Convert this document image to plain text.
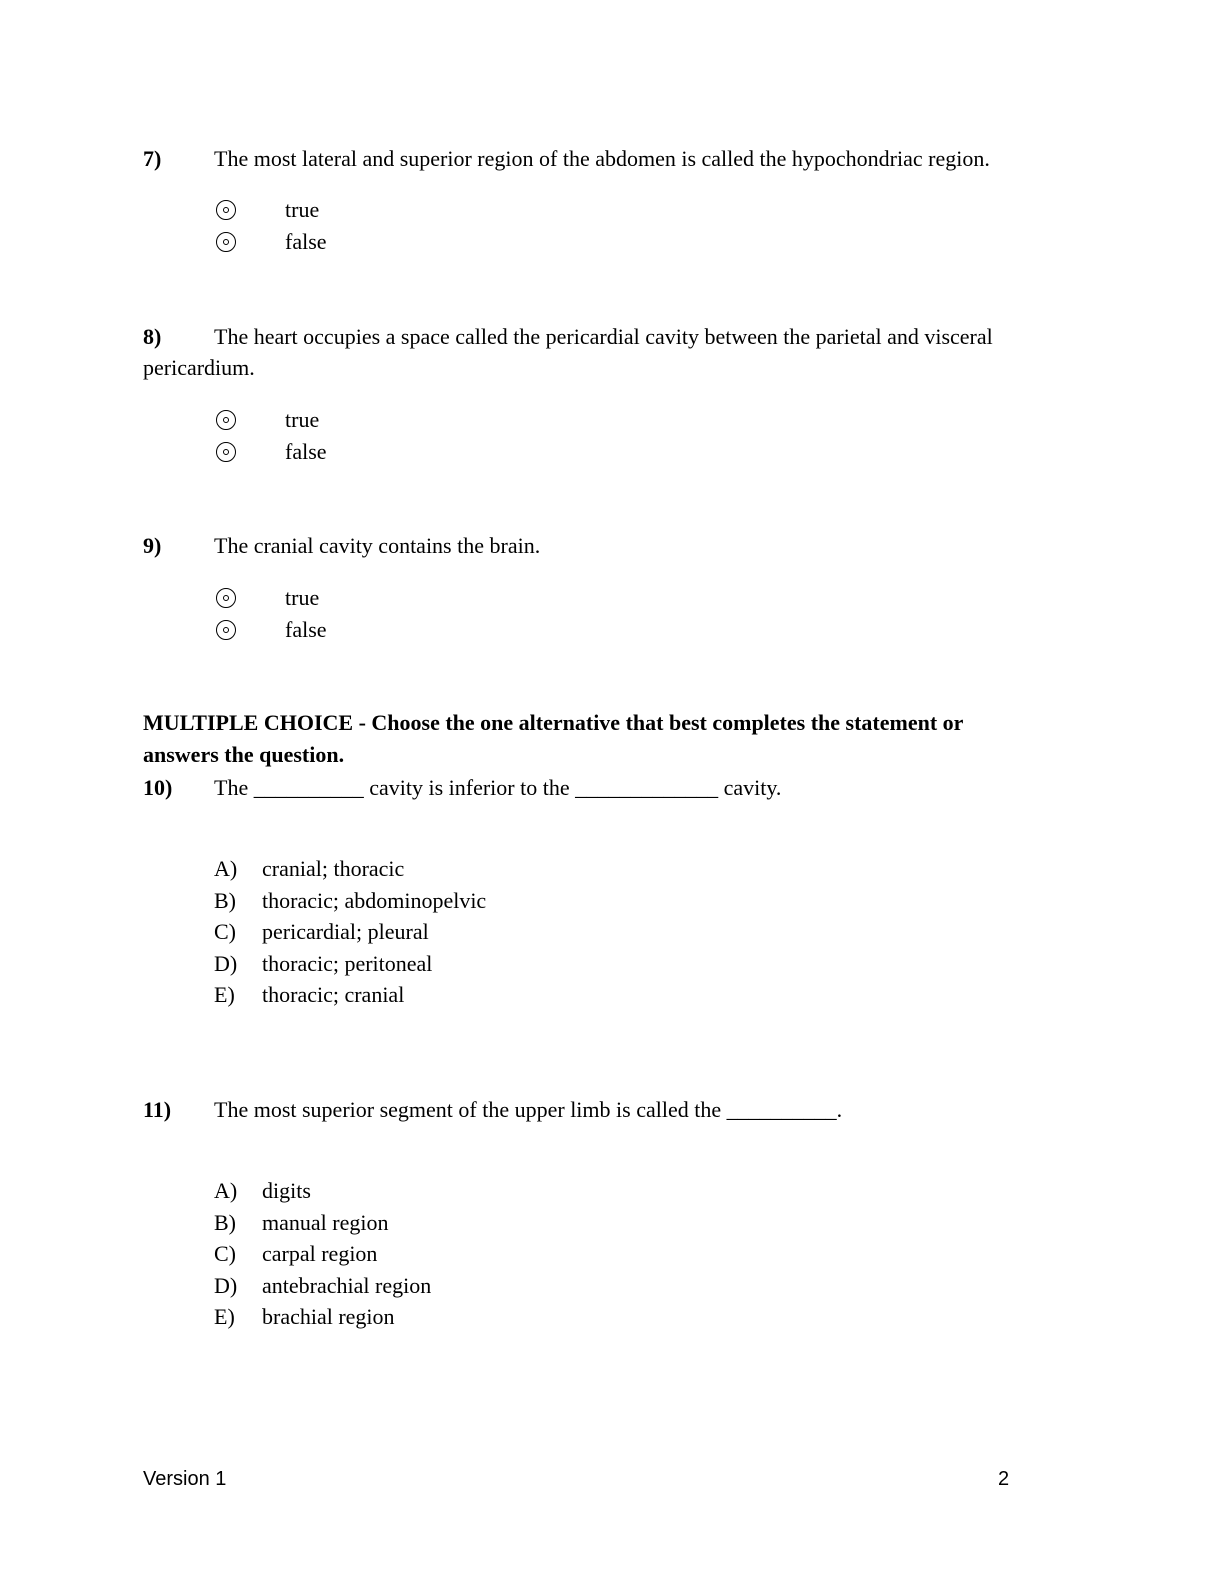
7) The most lateral and superior region of the abdomen is called the hypochondriac region.
true
false
8) The heart occupies a space called the pericardial cavity between the parietal and visceral
pericardium.
true
false
9) The cranial cavity contains the brain.
true
false
MULTIPLE CHOICE - Choose the one alternative that best completes the statement or answers the question.
10) The __________ cavity is inferior to the _____________ cavity.
A) cranial; thoracic
B) thoracic; abdominopelvic
C) pericardial; pleural
D) thoracic; peritoneal
E) thoracic; cranial
11) The most superior segment of the upper limb is called the __________.
A) digits
B) manual region
C) carpal region
D) antebrachial region
E) brachial region
Version 1	2
